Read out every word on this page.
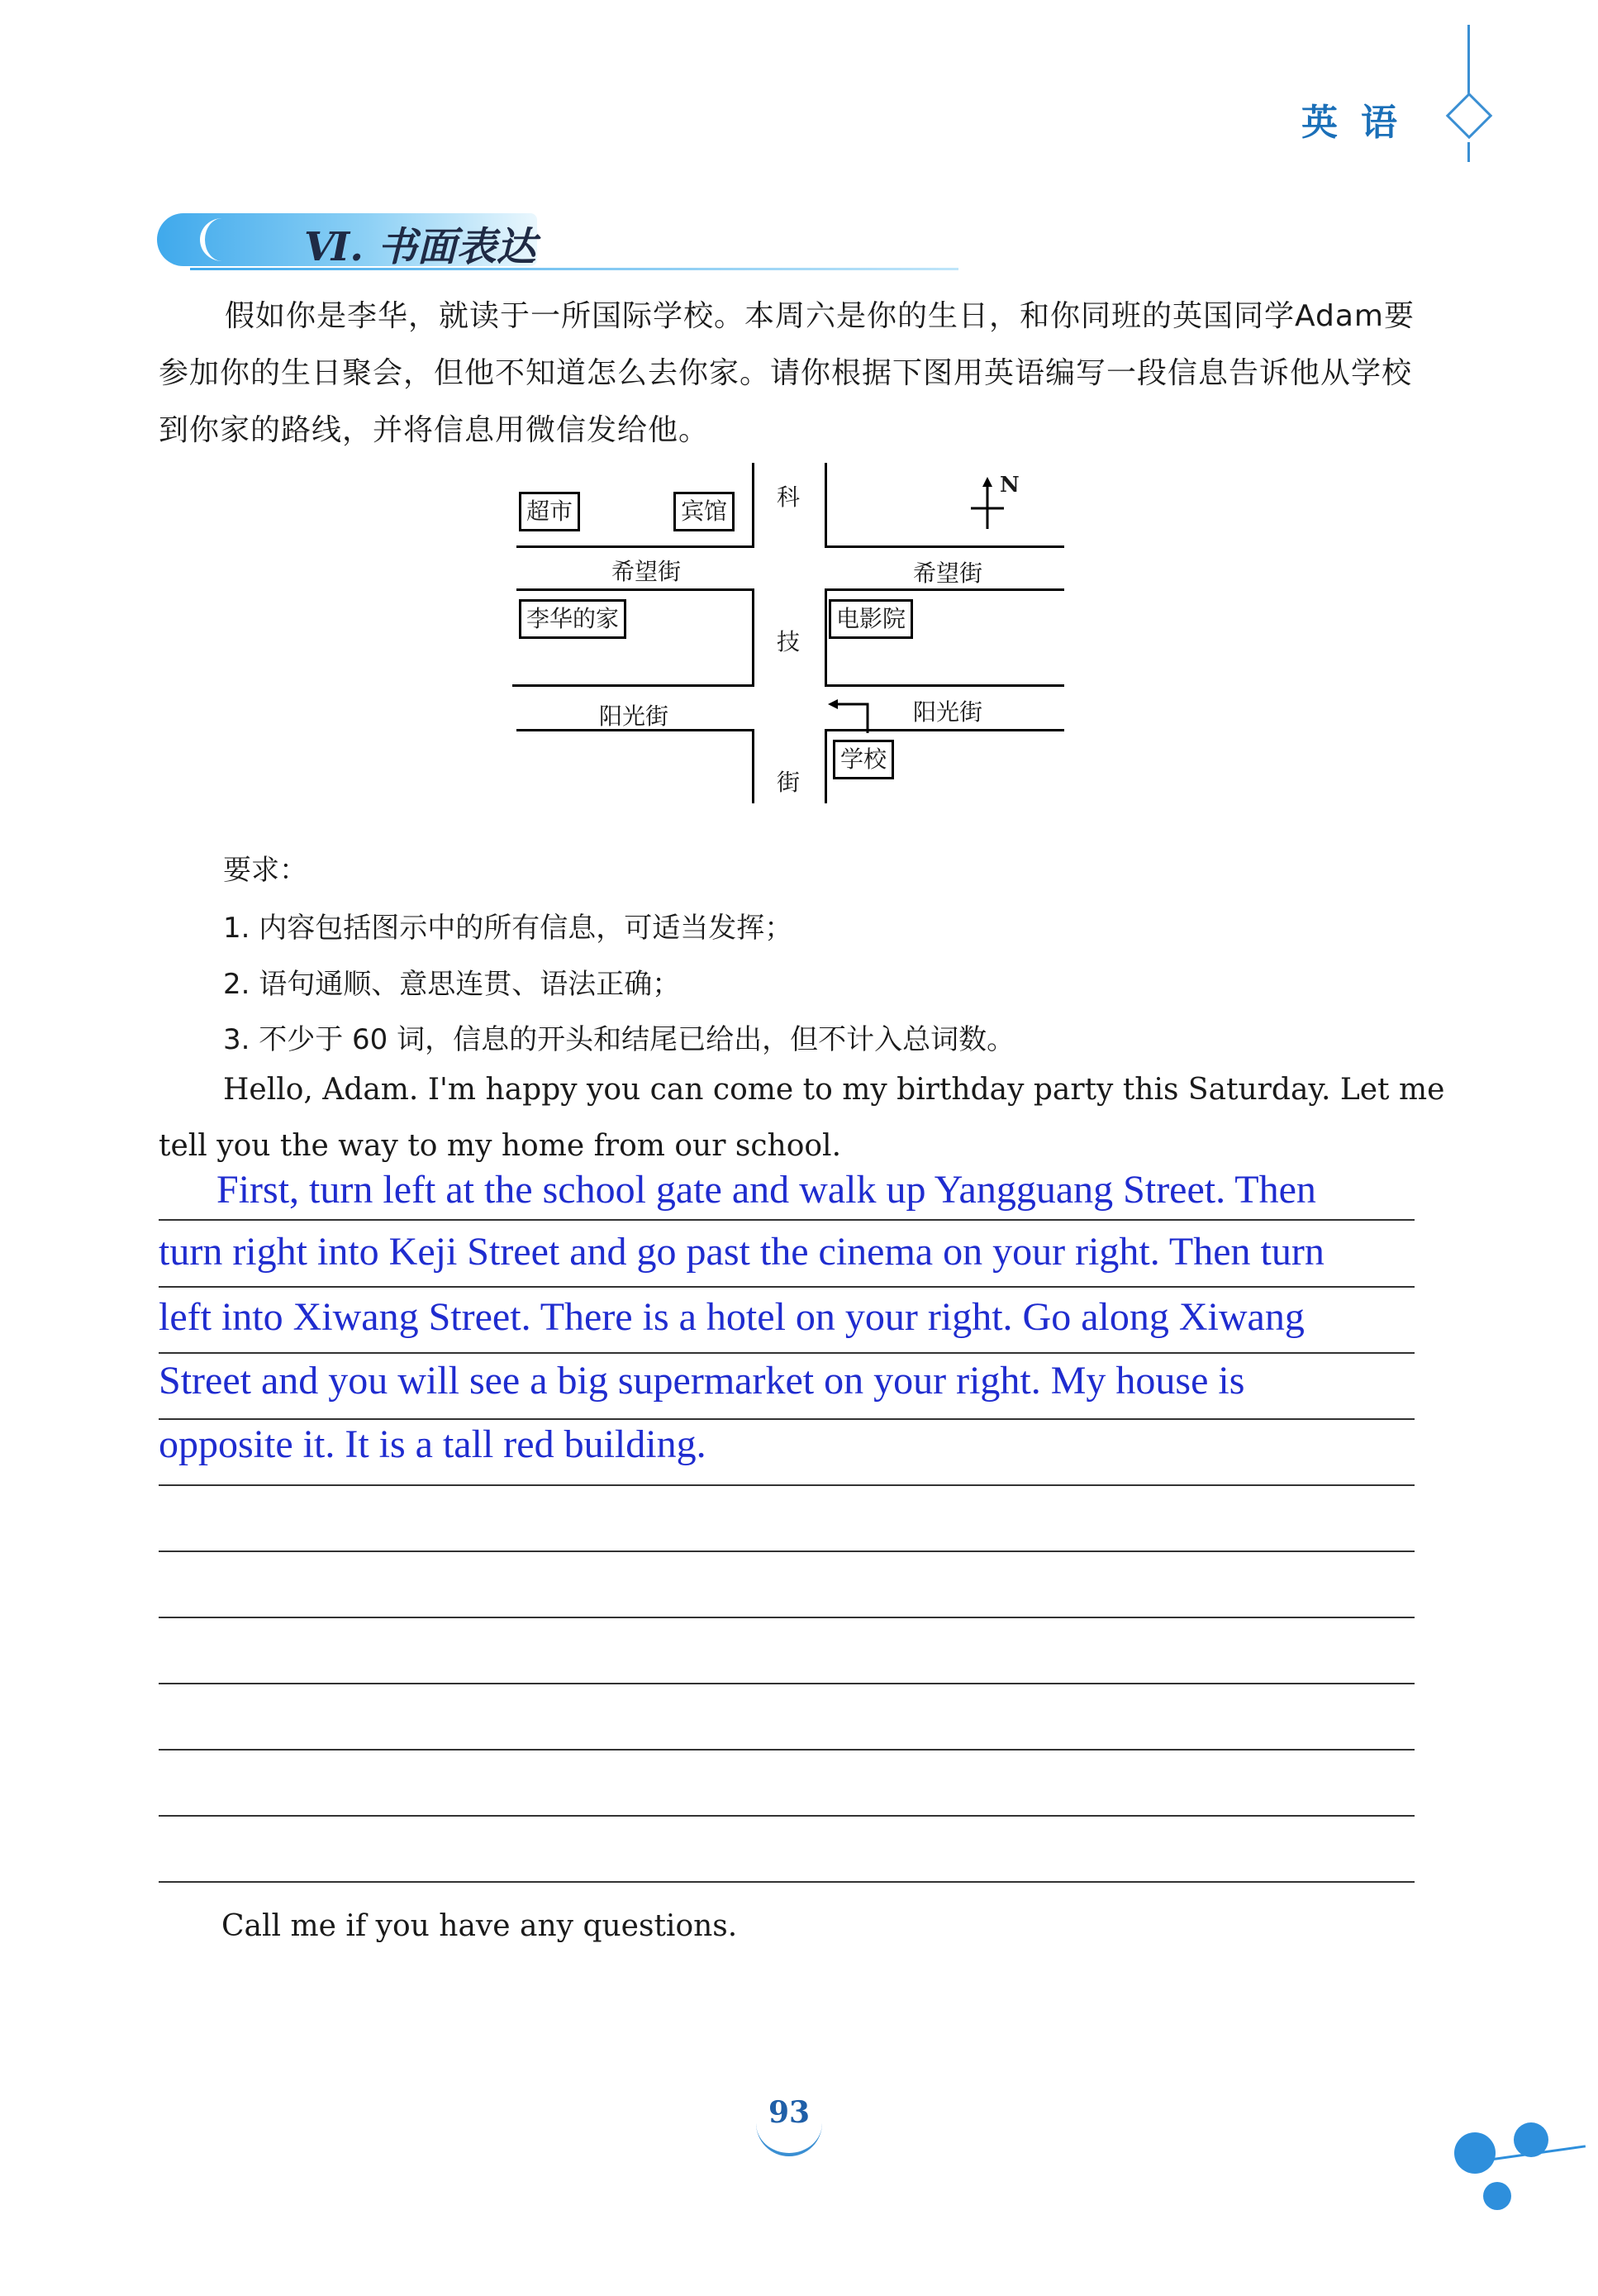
英语
Ⅵ. 书面表达
假如你是李华，就读于一所国际学校。本周六是你的生日，和你同班的英国同学Adam要参加你的生日聚会，但他不知道怎么去你家。请你根据下图用英语编写一段信息告诉他从学校到你家的路线，并将信息用微信发给他。
超市	宾馆
李华的家	电影院
学校
希望街	希望街
阳光街	阳光街
科
技
街
N
要求：
1. 内容包括图示中的所有信息，可适当发挥；
2. 语句通顺、意思连贯、语法正确；
3. 不少于 60 词，信息的开头和结尾已给出，但不计入总词数。
Hello, Adam. I'm happy you can come to my birthday party this Saturday. Let me
tell you the way to my home from our school.
First, turn left at the school gate and walk up Yangguang Street. Then
turn right into Keji Street and go past the cinema on your right. Then turn
left into Xiwang Street. There is a hotel on your right. Go along Xiwang
Street and you will see a big supermarket on your right. My house is
opposite it. It is a tall red building.
Call me if you have any questions.
93
